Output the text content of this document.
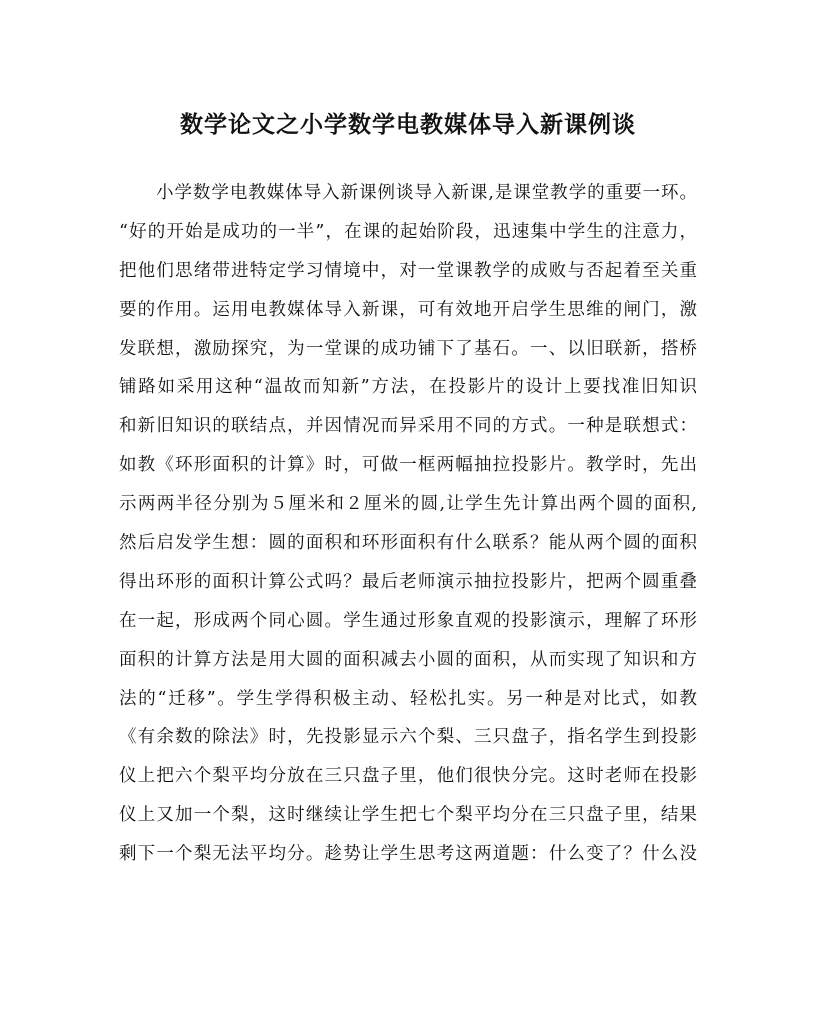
数学论文之小学数学电教媒体导入新课例谈
小学数学电教媒体导入新课例谈导入新课,是课堂教学的重要一环。
“好的开始是成功的一半”，在课的起始阶段，迅速集中学生的注意力，
把他们思绪带进特定学习情境中，对一堂课教学的成败与否起着至关重
要的作用。运用电教媒体导入新课，可有效地开启学生思维的闸门，激
发联想，激励探究，为一堂课的成功铺下了基石。一、以旧联新，搭桥
铺路如采用这种“温故而知新”方法，在投影片的设计上要找准旧知识
和新旧知识的联结点，并因情况而异采用不同的方式。一种是联想式：
如教《环形面积的计算》时，可做一框两幅抽拉投影片。教学时，先出
示两两半径分别为５厘米和２厘米的圆,让学生先计算出两个圆的面积,
然后启发学生想：圆的面积和环形面积有什么联系？能从两个圆的面积
得出环形的面积计算公式吗？最后老师演示抽拉投影片，把两个圆重叠
在一起，形成两个同心圆。学生通过形象直观的投影演示，理解了环形
面积的计算方法是用大圆的面积减去小圆的面积，从而实现了知识和方
法的“迁移”。学生学得积极主动、轻松扎实。另一种是对比式，如教
《有余数的除法》时，先投影显示六个梨、三只盘子，指名学生到投影
仪上把六个梨平均分放在三只盘子里，他们很快分完。这时老师在投影
仪上又加一个梨，这时继续让学生把七个梨平均分在三只盘子里，结果
剩下一个梨无法平均分。趁势让学生思考这两道题：什么变了？什么没
